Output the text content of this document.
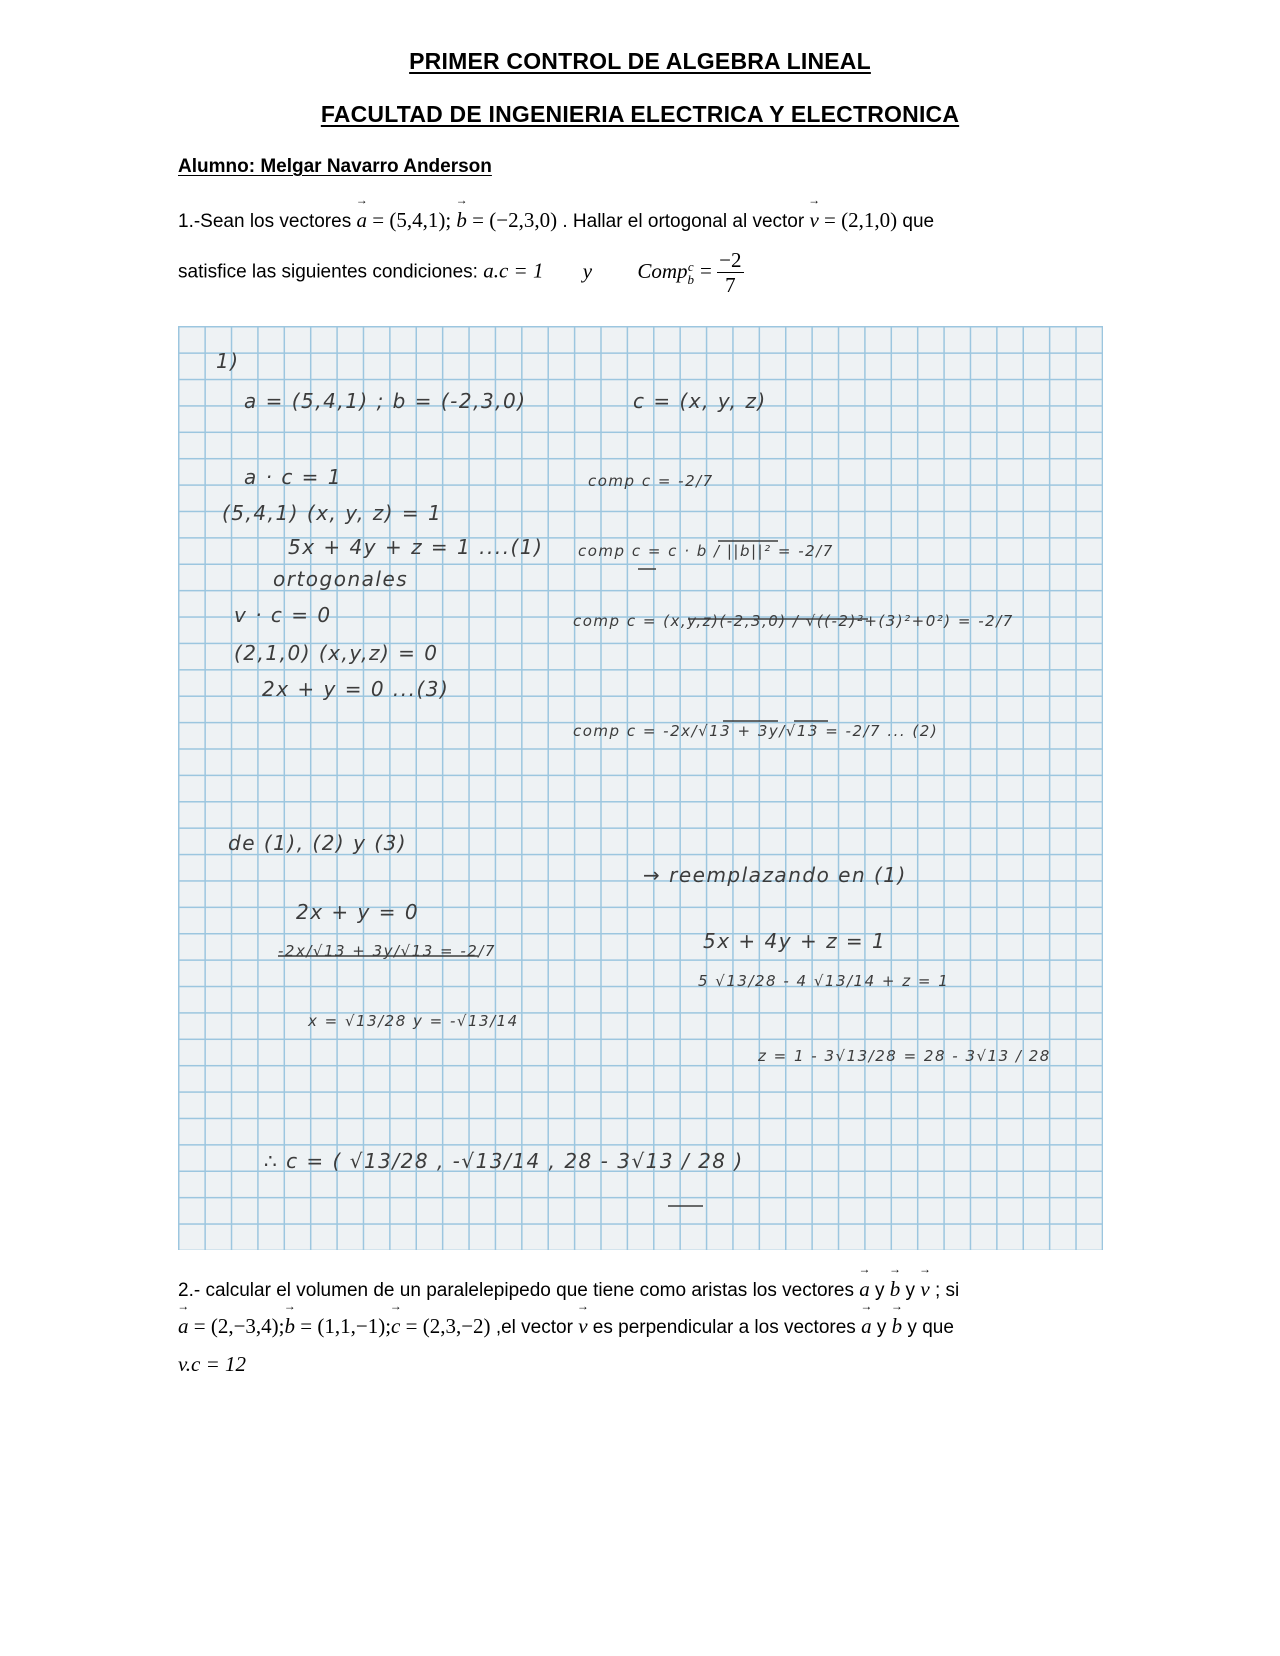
PRIMER CONTROL DE ALGEBRA LINEAL
FACULTAD DE INGENIERIA ELECTRICA Y ELECTRONICA
Alumno: Melgar Navarro Anderson
1.-Sean los vectores → a = (5,4,1); → b = (−2,3,0) . Hallar el ortogonal al vector → v = (2,1,0) que
satisfice las siguientes condiciones: a.c = 1 y Comp c
$b = \frac{-2}{7}$
1)
a = (5,4,1) ; b = (-2,3,0)	c = (x, y, z)
a · c = 1
(5,4,1) (x, y, z) = 1
5x + 4y + z = 1 ....(1)
ortogonales
v · c = 0
(2,1,0) (x,y,z) = 0
2x + y = 0 ...(3)
comp c = -2/7
comp c = c · b / ||b||² = -2/7
comp c = (x,y,z)(-2,3,0) / √((-2)²+(3)²+0²) = -2/7
comp c = -2x/√13 + 3y/√13 = -2/7 ... (2)
de (1), (2) y (3)
2x + y = 0
-2x/√13 + 3y/√13 = -2/7
x = √13/28 y = -√13/14
→ reemplazando en (1)
5x + 4y + z = 1
5 √13/28 - 4 √13/14 + z = 1
z = 1 - 3√13/28 = 28 - 3√13 / 28
∴ c = ( √13/28 , -√13/14 , 28 - 3√13 / 28 )
2.- calcular el volumen de un paralelepipedo que tiene como aristas los vectores → a y → b y → v ; si
→ a = (2,−3,4);→ b = (1,1,−1);→ c = (2,3,−2) ,el vector → v es perpendicular a los vectores → a y → b y que
v.c = 12
